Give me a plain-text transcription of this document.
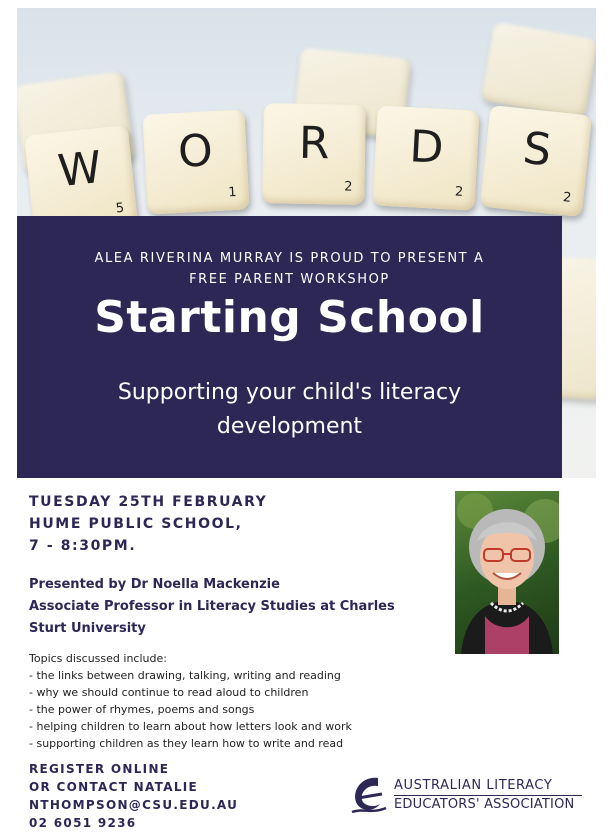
W
5
O
1
R
2
D
2
S
2
ALEA RIVERINA MURRAY IS PROUD TO PRESENT A
FREE PARENT WORKSHOP
Starting School
Supporting your child's literacy
development
TUESDAY 25TH FEBRUARY
HUME PUBLIC SCHOOL,
7 - 8:30PM.
Presented by Dr Noella Mackenzie
Associate Professor in Literacy Studies at Charles
Sturt University
Topics discussed include:
- the links between drawing, talking, writing and reading
- why we should continue to read aloud to children
- the power of rhymes, poems and songs
- helping children to learn about how letters look and work
- supporting children as they learn how to write and read
REGISTER ONLINE
OR CONTACT NATALIE
NTHOMPSON@CSU.EDU.AU
02 6051 9236
AUSTRALIAN LITERACY
EDUCATORS' ASSOCIATION
